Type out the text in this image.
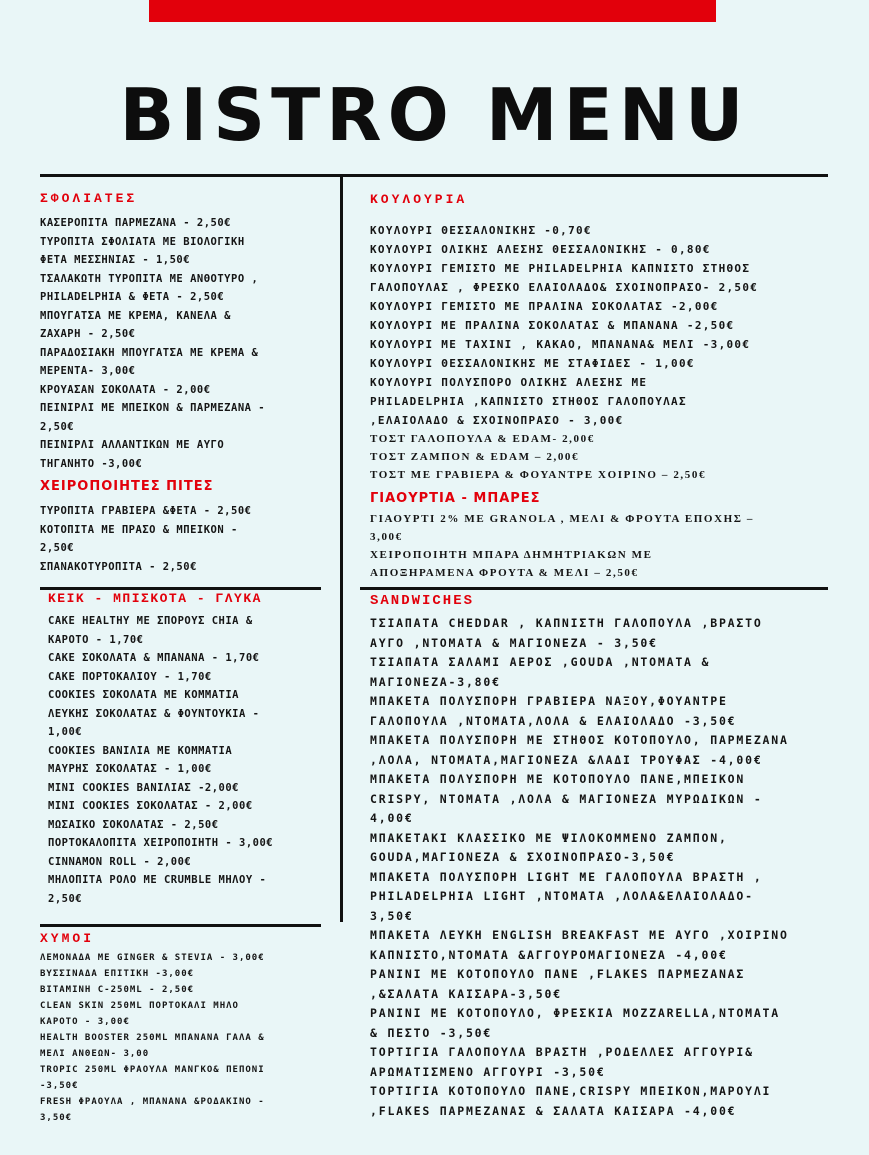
BISTRO MENU
ΣΦΟΛΙΑΤΕΣ
ΚΑΣΕΡΟΠΙΤΑ ΠΑΡΜΕΖΑΝΑ - 2,50€
ΤΥΡΟΠΙΤΑ ΣΦΟΛΙΑΤΑ ΜΕ ΒΙΟΛΟΓΙΚΗ
ΦΕΤΑ ΜΕΣΣΗΝΙΑΣ - 1,50€
ΤΣΑΛΑΚΩΤΗ ΤΥΡΟΠΙΤΑ ΜΕ ΑΝΘΟΤΥΡΟ ,
PHILADELPHIA & ΦΕΤΑ - 2,50€
ΜΠΟΥΓΑΤΣΑ ΜΕ ΚΡΕΜΑ, ΚΑΝΕΛΑ &
ΖΑΧΑΡΗ - 2,50€
ΠΑΡΑΔΟΣΙΑΚΗ ΜΠΟΥΓΑΤΣΑ ΜΕ ΚΡΕΜΑ &
ΜΕΡΕΝΤΑ- 3,00€
ΚΡΟΥΑΣΑΝ ΣΟΚΟΛΑΤΑ - 2,00€
ΠΕΙΝΙΡΛΙ ΜΕ ΜΠΕΙΚΟΝ & ΠΑΡΜΕΖΑΝΑ -
2,50€
ΠΕΙΝΙΡΛΙ ΑΛΛΑΝΤΙΚΩΝ ΜΕ ΑΥΓΟ
ΤΗΓΑΝΗΤΟ -3,00€
ΧΕΙΡΟΠΟΙΗΤΕΣ ΠΙΤΕΣ
ΤΥΡΟΠΙΤΑ ΓΡΑΒΙΕΡΑ &ΦΕΤΑ - 2,50€
ΚΟΤΟΠΙΤΑ ΜΕ ΠΡΑΣΟ & ΜΠΕΙΚΟΝ -
2,50€
ΣΠΑΝΑΚΟΤΥΡΟΠΙΤΑ - 2,50€
ΚΕΙΚ - ΜΠΙΣΚΟΤΑ - ΓΛΥΚΑ
CAKE HEALTHY ΜΕ ΣΠΟΡΟΥΣ CHIA &
ΚΑΡΟΤΟ - 1,70€
CAKE ΣΟΚΟΛΑΤΑ & ΜΠΑΝΑΝΑ - 1,70€
CAKE ΠΟΡΤΟΚΑΛΙΟΥ - 1,70€
COOKIES ΣΟΚΟΛΑΤΑ ΜΕ ΚΟΜΜΑΤΙΑ
ΛΕΥΚΗΣ ΣΟΚΟΛΑΤΑΣ & ΦΟΥΝΤΟΥΚΙΑ -
1,00€
COOKIES ΒΑΝΙΛΙΑ ΜΕ ΚΟΜΜΑΤΙΑ
ΜΑΥΡΗΣ ΣΟΚΟΛΑΤΑΣ - 1,00€
MINI COOKIES ΒΑΝΙΛΙΑΣ -2,00€
MINI COOKIES ΣΟΚΟΛΑΤΑΣ - 2,00€
ΜΩΣΑΙΚΟ ΣΟΚΟΛΑΤΑΣ - 2,50€
ΠΟΡΤΟΚΑΛΟΠΙΤΑ ΧΕΙΡΟΠΟΙΗΤΗ - 3,00€
CINNAMON ROLL - 2,00€
ΜΗΛΟΠΙΤΑ ΡΟΛΟ ΜΕ CRUMBLE ΜΗΛΟΥ -
2,50€
ΧΥΜΟΙ
ΛΕΜΟΝΑΔΑ ΜΕ GINGER & STEVIA - 3,00€
ΒΥΣΣΙΝΑΔΑ ΕΠΙΤΙΚΗ -3,00€
ΒΙΤΑΜΙΝΗ C-250ML - 2,50€
CLEAN SKIN 250ML ΠΟΡΤΟΚΑΛΙ ΜΗΛΟ
ΚΑΡΟΤΟ - 3,00€
HEALTH BOOSTER 250ML ΜΠΑΝΑΝΑ ΓΑΛΑ &
ΜΕΛΙ ΑΝΘΕΩΝ- 3,00
TROPIC 250ML ΦΡΑΟΥΛΑ ΜΑΝΓΚΟ& ΠΕΠΟΝΙ
-3,50€
FRESH ΦΡΑΟΥΛΑ , ΜΠΑΝΑΝΑ &ΡΟΔΑΚΙΝΟ -
3,50€
ΚΟΥΛΟΥΡΙΑ
ΚΟΥΛΟΥΡΙ ΘΕΣΣΑΛΟΝΙΚΗΣ -0,70€
ΚΟΥΛΟΥΡΙ ΟΛΙΚΗΣ ΑΛΕΣΗΣ ΘΕΣΣΑΛΟΝΙΚΗΣ - 0,80€
ΚΟΥΛΟΥΡΙ ΓΕΜΙΣΤΟ ΜΕ PHILADELPHIA ΚΑΠΝΙΣΤΟ ΣΤΗΘΟΣ
ΓΑΛΟΠΟΥΛΑΣ , ΦΡΕΣΚΟ ΕΛΑΙΟΛΑΔΟ& ΣΧΟΙΝΟΠΡΑΣΟ- 2,50€
ΚΟΥΛΟΥΡΙ ΓΕΜΙΣΤΟ ΜΕ ΠΡΑΛΙΝΑ ΣΟΚΟΛΑΤΑΣ -2,00€
ΚΟΥΛΟΥΡΙ ΜΕ ΠΡΑΛΙΝΑ ΣΟΚΟΛΑΤΑΣ & ΜΠΑΝΑΝΑ -2,50€
ΚΟΥΛΟΥΡΙ ΜΕ ΤΑΧΙΝΙ , ΚΑΚΑΟ, ΜΠΑΝΑΝΑ& ΜΕΛΙ -3,00€
ΚΟΥΛΟΥΡΙ ΘΕΣΣΑΛΟΝΙΚΗΣ ΜΕ ΣΤΑΦΙΔΕΣ - 1,00€
ΚΟΥΛΟΥΡΙ ΠΟΛΥΣΠΟΡΟ ΟΛΙΚΗΣ ΑΛΕΣΗΣ ΜΕ
PHILADELPHIA ,ΚΑΠΝΙΣΤΟ ΣΤΗΘΟΣ ΓΑΛΟΠΟΥΛΑΣ
,ΕΛΑΙΟΛΑΔΟ & ΣΧΟΙΝΟΠΡΑΣΟ - 3,00€
ΤΟΣΤ ΓΑΛΟΠΟΥΛΑ & EDAM- 2,00€
ΤΟΣΤ ΖΑΜΠΟΝ & EDAM – 2,00€
ΤΟΣΤ ΜΕ ΓΡΑΒΙΕΡΑ & ΦΟΥΑΝΤΡΕ ΧΟΙΡΙΝΟ – 2,50€
ΓΙΑΟΥΡΤΙΑ - ΜΠΑΡΕΣ
ΓΙΑΟΥΡΤΙ 2% ΜΕ GRANOLA , ΜΕΛΙ & ΦΡΟΥΤΑ ΕΠΟΧΗΣ –
3,00€
ΧΕΙΡΟΠΟΙΗΤΗ ΜΠΑΡΑ ΔΗΜΗΤΡΙΑΚΩΝ ΜΕ
ΑΠΟΞΗΡΑΜΕΝΑ ΦΡΟΥΤΑ & ΜΕΛΙ – 2,50€
SANDWICHES
ΤΣΙΑΠΑΤΑ CHEDDAR , ΚΑΠΝΙΣΤΗ ΓΑΛΟΠΟΥΛΑ ,ΒΡΑΣΤΟ
ΑΥΓΟ ,ΝΤΟΜΑΤΑ & ΜΑΓΙΟΝΕΖΑ - 3,50€
ΤΣΙΑΠΑΤΑ ΣΑΛΑΜΙ ΑΕΡΟΣ ,GOUDA ,ΝΤΟΜΑΤΑ &
ΜΑΓΙΟΝΕΖΑ-3,80€
ΜΠΑΚΕΤΑ ΠΟΛΥΣΠΟΡΗ ΓΡΑΒΙΕΡΑ ΝΑΞΟΥ,ΦΟΥΑΝΤΡΕ
ΓΑΛΟΠΟΥΛΑ ,ΝΤΟΜΑΤΑ,ΛΟΛΑ & ΕΛΑΙΟΛΑΔΟ -3,50€
ΜΠΑΚΕΤΑ ΠΟΛΥΣΠΟΡΗ ΜΕ ΣΤΗΘΟΣ ΚΟΤΟΠΟΥΛΟ, ΠΑΡΜΕΖΑΝΑ
,ΛΟΛΑ, ΝΤΟΜΑΤΑ,ΜΑΓΙΟΝΕΖΑ &ΛΑΔΙ ΤΡΟΥΦΑΣ -4,00€
ΜΠΑΚΕΤΑ ΠΟΛΥΣΠΟΡΗ ΜΕ ΚΟΤΟΠΟΥΛΟ ΠΑΝΕ,ΜΠΕΙΚΟΝ
CRISPY, ΝΤΟΜΑΤΑ ,ΛΟΛΑ & ΜΑΓΙΟΝΕΖΑ ΜΥΡΩΔΙΚΩΝ -
4,00€
ΜΠΑΚΕΤΑΚΙ ΚΛΑΣΣΙΚΟ ΜΕ ΨΙΛΟΚΟΜΜΕΝΟ ΖΑΜΠΟΝ,
GOUDA,ΜΑΓΙΟΝΕΖΑ & ΣΧΟΙΝΟΠΡΑΣΟ-3,50€
ΜΠΑΚΕΤΑ ΠΟΛΥΣΠΟΡΗ LIGHT ΜΕ ΓΑΛΟΠΟΥΛΑ ΒΡΑΣΤΗ ,
PHILADELPHIA LIGHT ,ΝΤΟΜΑΤΑ ,ΛΟΛΑ&ΕΛΑΙΟΛΑΔΟ-
3,50€
ΜΠΑΚΕΤΑ ΛΕΥΚΗ ENGLISH BREAKFAST ΜΕ ΑΥΓΟ ,ΧΟΙΡΙΝΟ
ΚΑΠΝΙΣΤΟ,ΝΤΟΜΑΤΑ &ΑΓΓΟΥΡΟΜΑΓΙΟΝΕΖΑ -4,00€
PANINI ΜΕ ΚΟΤΟΠΟΥΛΟ ΠΑΝΕ ,FLAKES ΠΑΡΜΕΖΑΝΑΣ
,&ΣΑΛΑΤΑ ΚΑΙΣΑΡΑ-3,50€
PANINI ΜΕ ΚΟΤΟΠΟΥΛΟ, ΦΡΕΣΚΙΑ MOZZARELLA,ΝΤΟΜΑΤΑ
& ΠΕΣΤΟ -3,50€
ΤΟΡΤΙΓΙΑ ΓΑΛΟΠΟΥΛΑ ΒΡΑΣΤΗ ,ΡΟΔΕΛΛΕΣ ΑΓΓΟΥΡΙ&
ΑΡΩΜΑΤΙΣΜΕΝΟ ΑΓΓΟΥΡΙ -3,50€
ΤΟΡΤΙΓΙΑ ΚΟΤΟΠΟΥΛΟ ΠΑΝΕ,CRISPY ΜΠΕΙΚΟΝ,ΜΑΡΟΥΛΙ
,FLAKES ΠΑΡΜΕΖΑΝΑΣ & ΣΑΛΑΤΑ ΚΑΙΣΑΡΑ -4,00€
